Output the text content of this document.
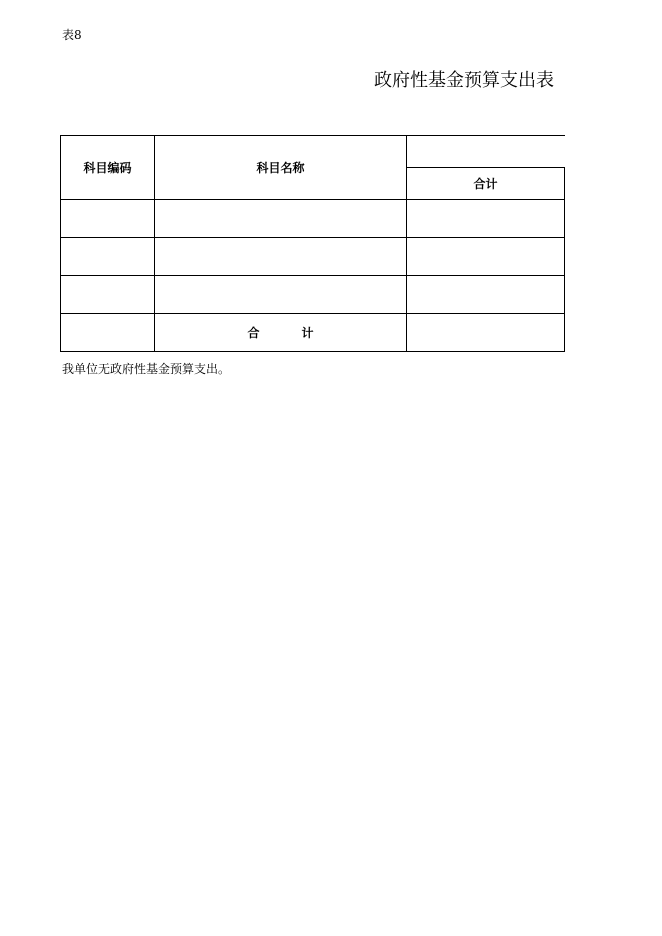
表8
政府性基金预算支出表
科目编码	科目名称
合计
合	计
我单位无政府性基金预算支出。
